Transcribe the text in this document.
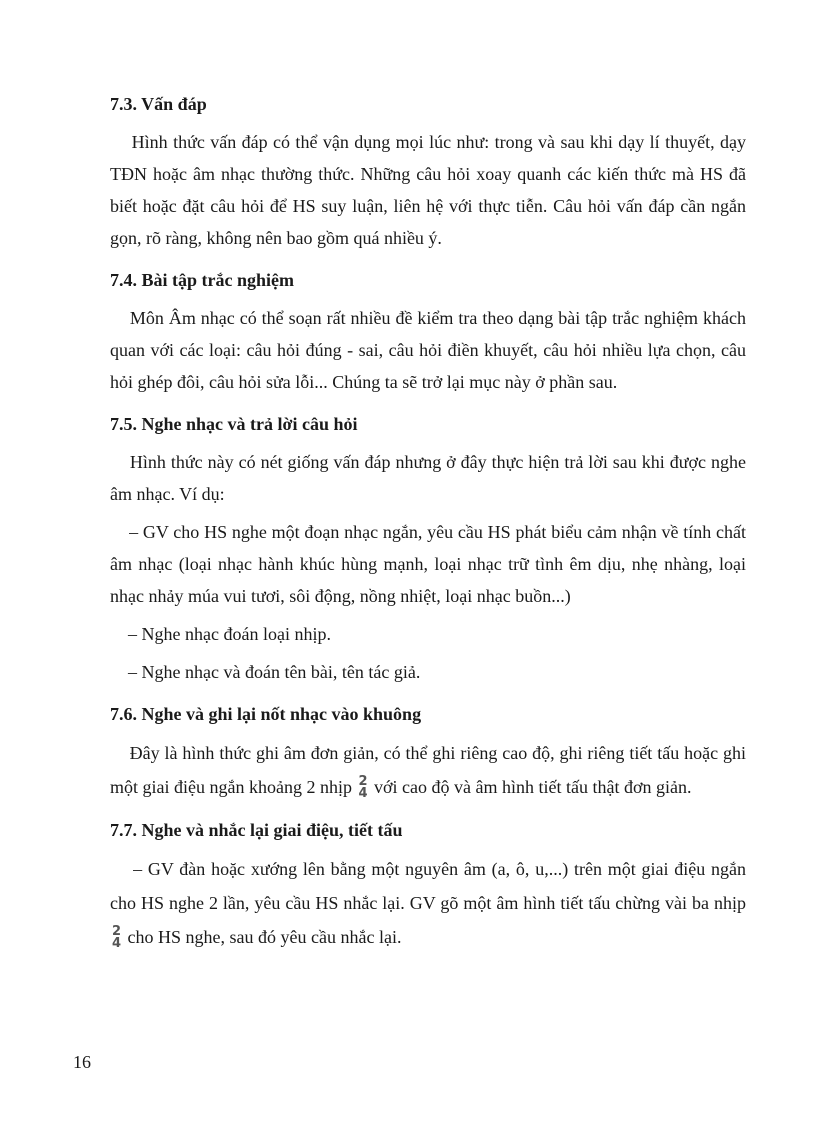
7.3. Vấn đáp

Hình thức vấn đáp có thể vận dụng mọi lúc như: trong và sau khi dạy lí thuyết, dạy TĐN hoặc âm nhạc thường thức. Những câu hỏi xoay quanh các kiến thức mà HS đã biết hoặc đặt câu hỏi để HS suy luận, liên hệ với thực tiễn. Câu hỏi vấn đáp cần ngắn gọn, rõ ràng, không nên bao gồm quá nhiều ý.

7.4. Bài tập trắc nghiệm

Môn Âm nhạc có thể soạn rất nhiều đề kiểm tra theo dạng bài tập trắc nghiệm khách quan với các loại: câu hỏi đúng - sai, câu hỏi điền khuyết, câu hỏi nhiều lựa chọn, câu hỏi ghép đôi, câu hỏi sửa lỗi... Chúng ta sẽ trở lại mục này ở phần sau.

7.5. Nghe nhạc và trả lời câu hỏi

Hình thức này có nét giống vấn đáp nhưng ở đây thực hiện trả lời sau khi được nghe âm nhạc. Ví dụ:

– GV cho HS nghe một đoạn nhạc ngắn, yêu cầu HS phát biểu cảm nhận về tính chất âm nhạc (loại nhạc hành khúc hùng mạnh, loại nhạc trữ tình êm dịu, nhẹ nhàng, loại nhạc nhảy múa vui tươi, sôi động, nồng nhiệt, loại nhạc buồn...)

– Nghe nhạc đoán loại nhịp.

– Nghe nhạc và đoán tên bài, tên tác giả.

7.6. Nghe và ghi lại nốt nhạc vào khuông

Đây là hình thức ghi âm đơn giản, có thể ghi riêng cao độ, ghi riêng tiết tấu hoặc ghi một giai điệu ngắn khoảng 2 nhịp 2
4 với cao độ và âm hình tiết tấu thật đơn giản.

7.7. Nghe và nhắc lại giai điệu, tiết tấu

– GV đàn hoặc xướng lên bằng một nguyên âm (a, ô, u,...) trên một giai điệu ngắn cho HS nghe 2 lần, yêu cầu HS nhắc lại. GV gõ một âm hình tiết tấu chừng vài ba nhịp
2
4 cho HS nghe, sau đó yêu cầu nhắc lại.

16
